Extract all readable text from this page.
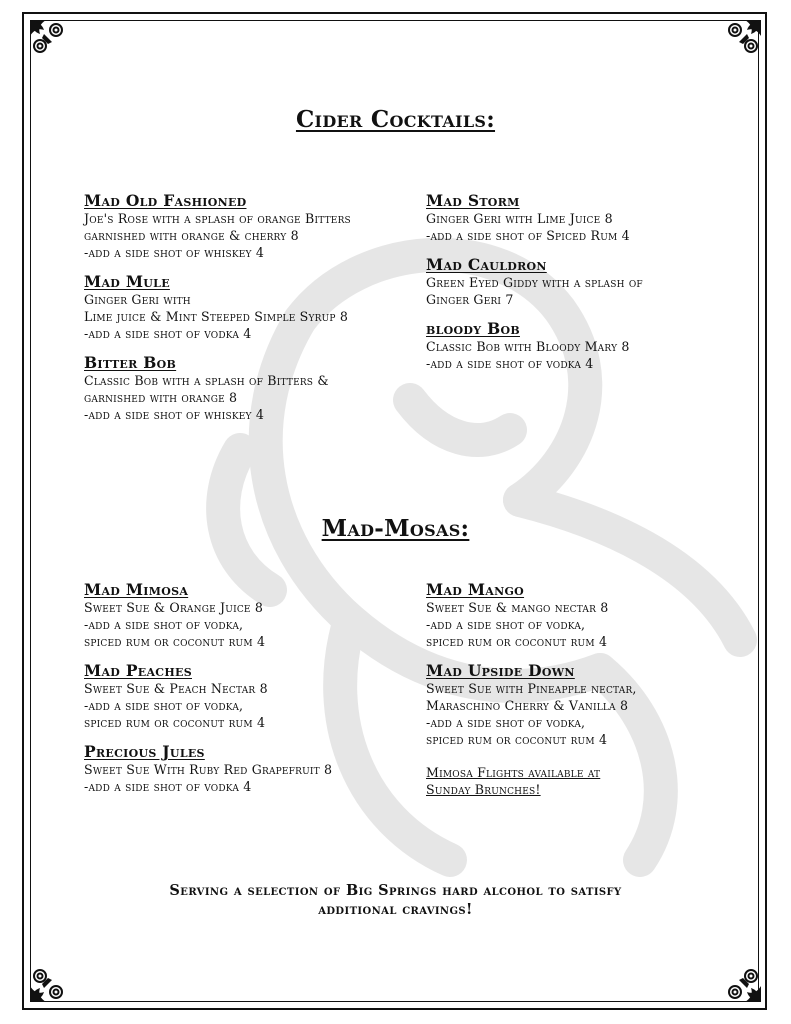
Cider Cocktails:
Mad Old Fashioned
Joe's Rose with a splash of orange Bitters
garnished with orange & cherry 8
-add a side shot of whiskey 4
Mad Mule
Ginger Geri with
Lime juice & Mint Steeped Simple Syrup 8
-add a side shot of vodka 4
Bitter Bob
Classic Bob with a splash of Bitters &
garnished with orange 8
-add a side shot of whiskey 4
Mad Storm
Ginger Geri with Lime Juice 8
-add a side shot of Spiced Rum 4
Mad Cauldron
Green Eyed Giddy with a splash of
Ginger Geri 7
bloody Bob
Classic Bob with Bloody Mary 8
-add a side shot of vodka 4
Mad-Mosas:
Mad Mimosa
Sweet Sue & Orange Juice 8
-add a side shot of vodka,
spiced rum or coconut rum 4
Mad Peaches
Sweet Sue & Peach Nectar 8
-add a side shot of vodka,
spiced rum or coconut rum 4
Precious Jules
Sweet Sue With Ruby Red Grapefruit 8
-add a side shot of vodka 4
Mad Mango
Sweet Sue & mango nectar 8
-add a side shot of vodka,
spiced rum or coconut rum 4
Mad Upside Down
Sweet Sue with Pineapple nectar,
Maraschino Cherry & Vanilla 8
-add a side shot of vodka,
spiced rum or coconut rum 4
Mimosa Flights available at
Sunday Brunches!
Serving a selection of Big Springs hard alcohol to satisfy
additional cravings!
